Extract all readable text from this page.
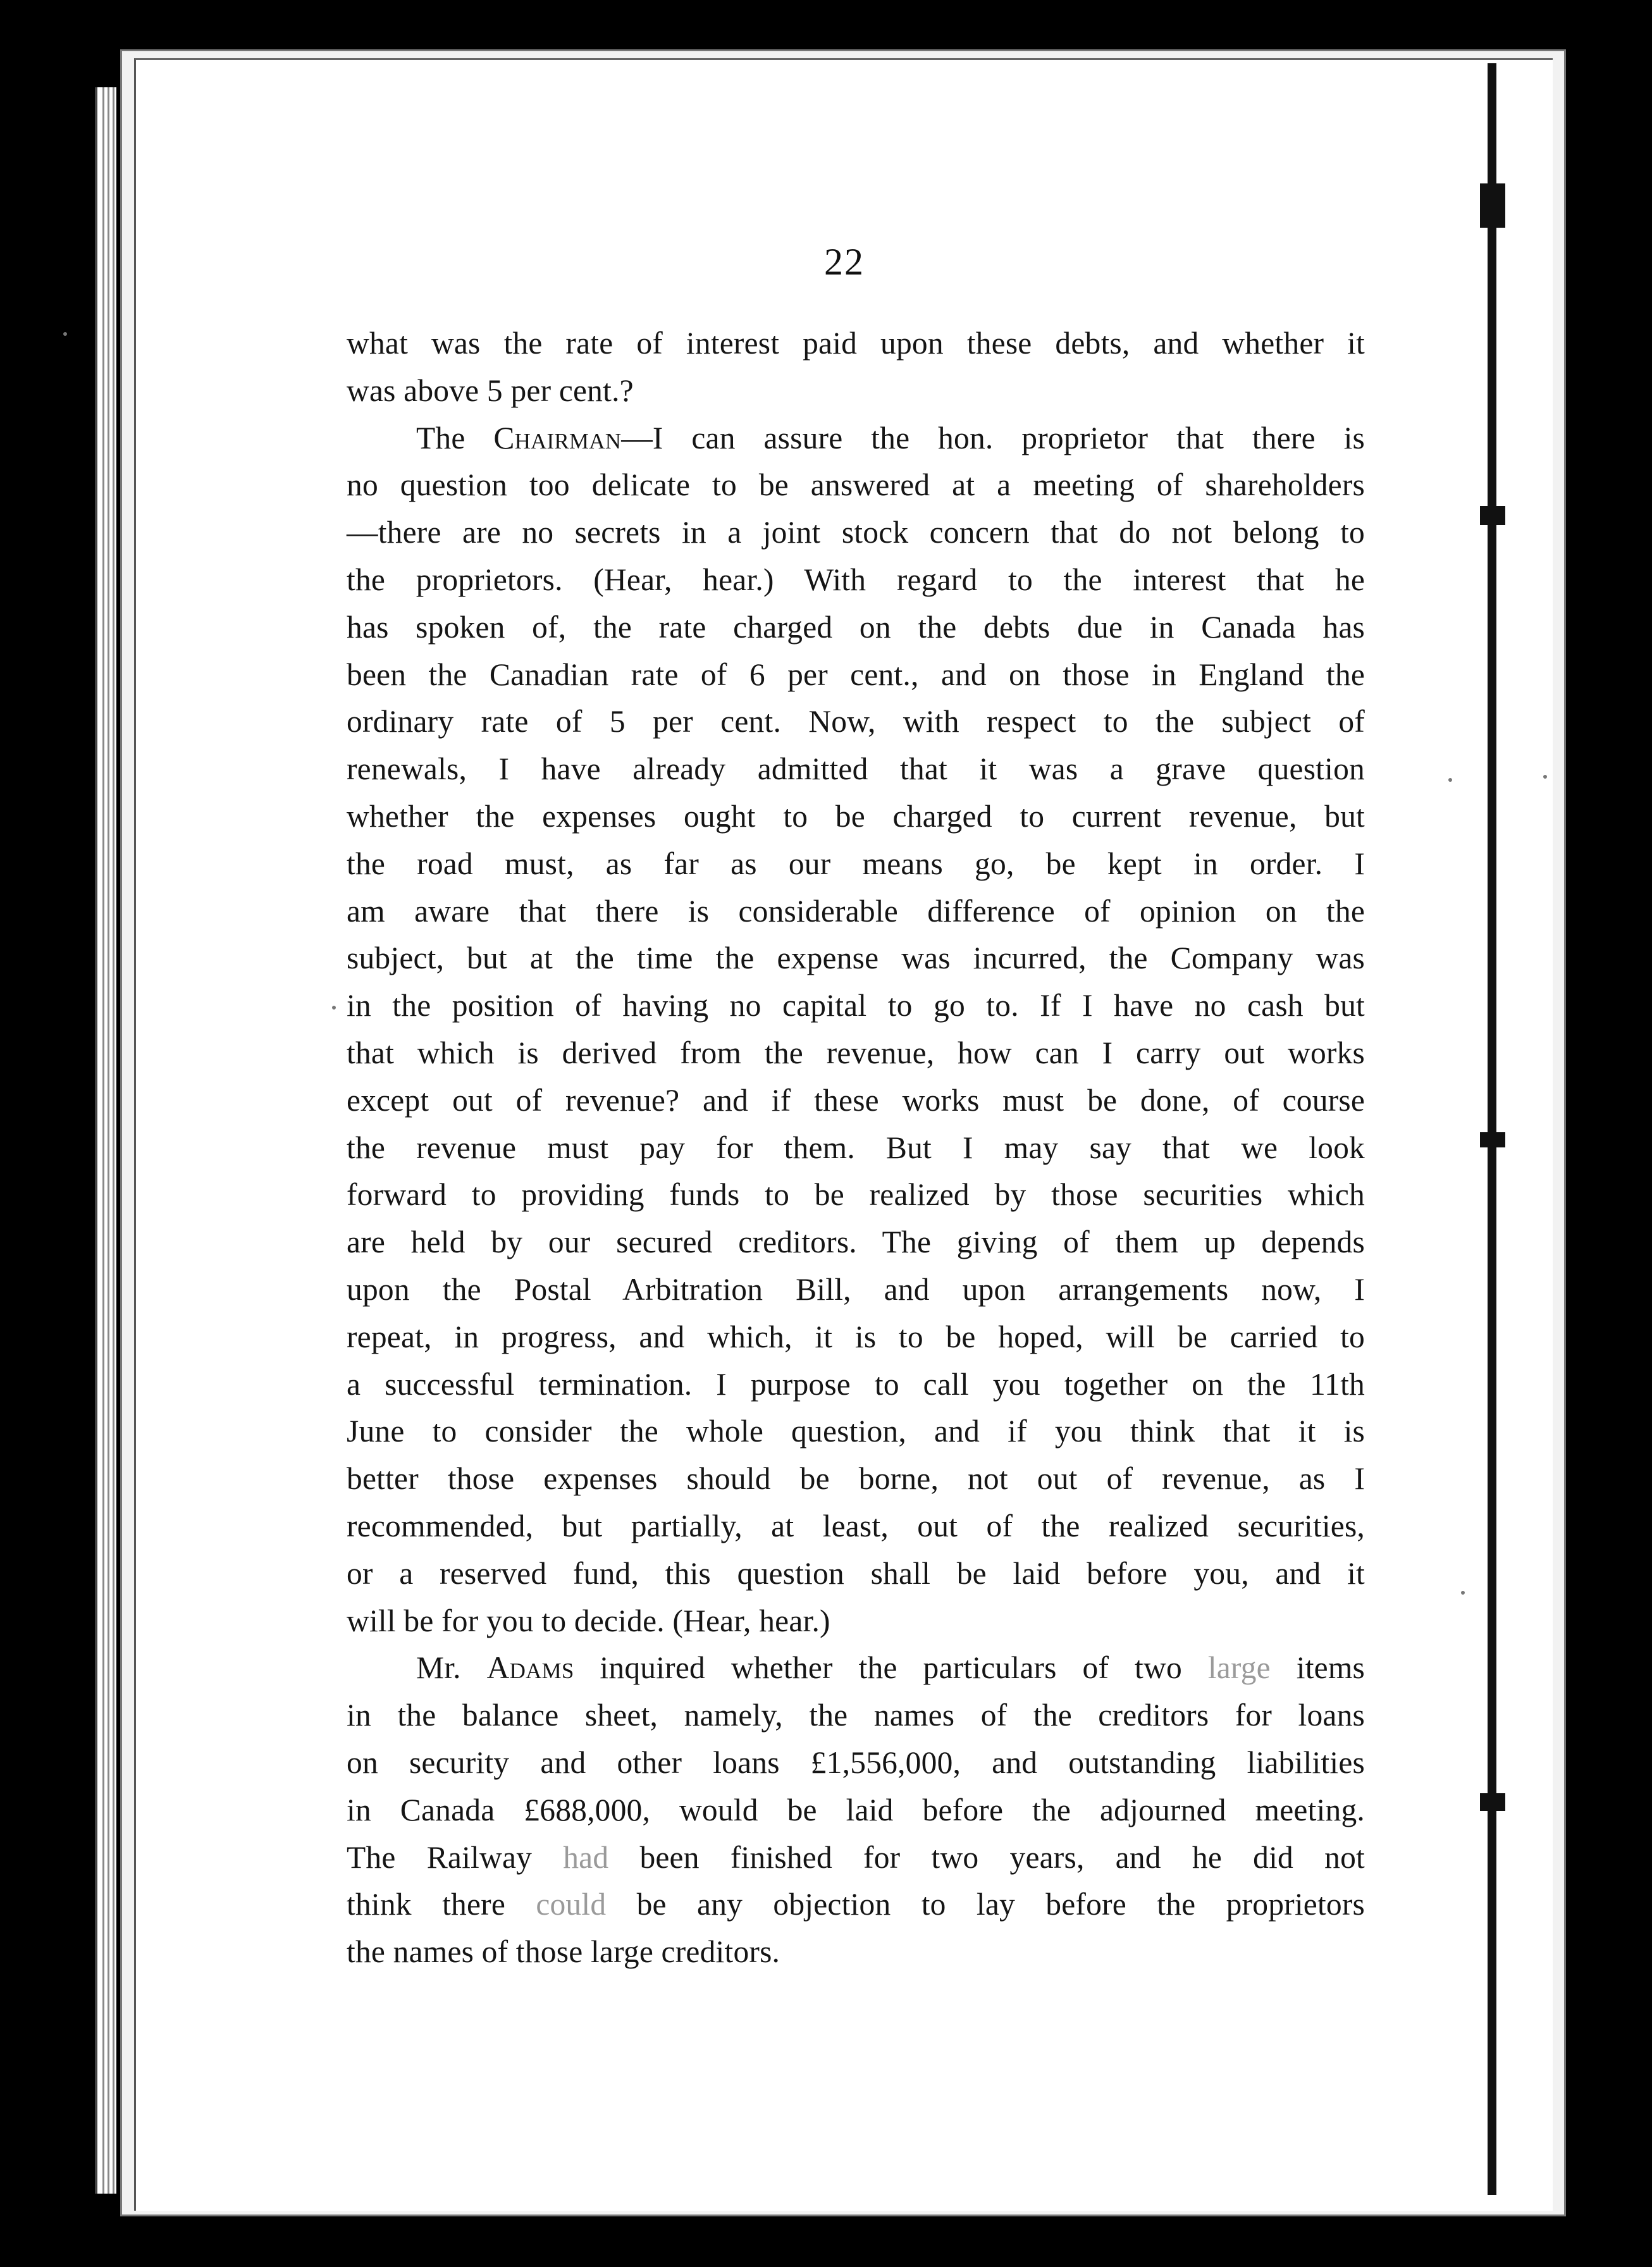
22
what was the rate of interest paid upon these debts, and whether it
was above 5 per cent.?
The Chairman—I can assure the hon. proprietor that there is
no question too delicate to be answered at a meeting of shareholders
—there are no secrets in a joint stock concern that do not belong to
the proprietors. (Hear, hear.) With regard to the interest that he
has spoken of, the rate charged on the debts due in Canada has
been the Canadian rate of 6 per cent., and on those in England the
ordinary rate of 5 per cent. Now, with respect to the subject of
renewals, I have already admitted that it was a grave question
whether the expenses ought to be charged to current revenue, but
the road must, as far as our means go, be kept in order. I
am aware that there is considerable difference of opinion on the
subject, but at the time the expense was incurred, the Company was
in the position of having no capital to go to. If I have no cash but
that which is derived from the revenue, how can I carry out works
except out of revenue? and if these works must be done, of course
the revenue must pay for them. But I may say that we look
forward to providing funds to be realized by those securities which
are held by our secured creditors. The giving of them up depends
upon the Postal Arbitration Bill, and upon arrangements now, I
repeat, in progress, and which, it is to be hoped, will be carried to
a successful termination. I purpose to call you together on the 11th
June to consider the whole question, and if you think that it is
better those expenses should be borne, not out of revenue, as I
recommended, but partially, at least, out of the realized securities,
or a reserved fund, this question shall be laid before you, and it
will be for you to decide. (Hear, hear.)
Mr. Adams inquired whether the particulars of two large items
in the balance sheet, namely, the names of the creditors for loans
on security and other loans £1,556,000, and outstanding liabilities
in Canada £688,000, would be laid before the adjourned meeting.
The Railway had been finished for two years, and he did not
think there could be any objection to lay before the proprietors
the names of those large creditors.
